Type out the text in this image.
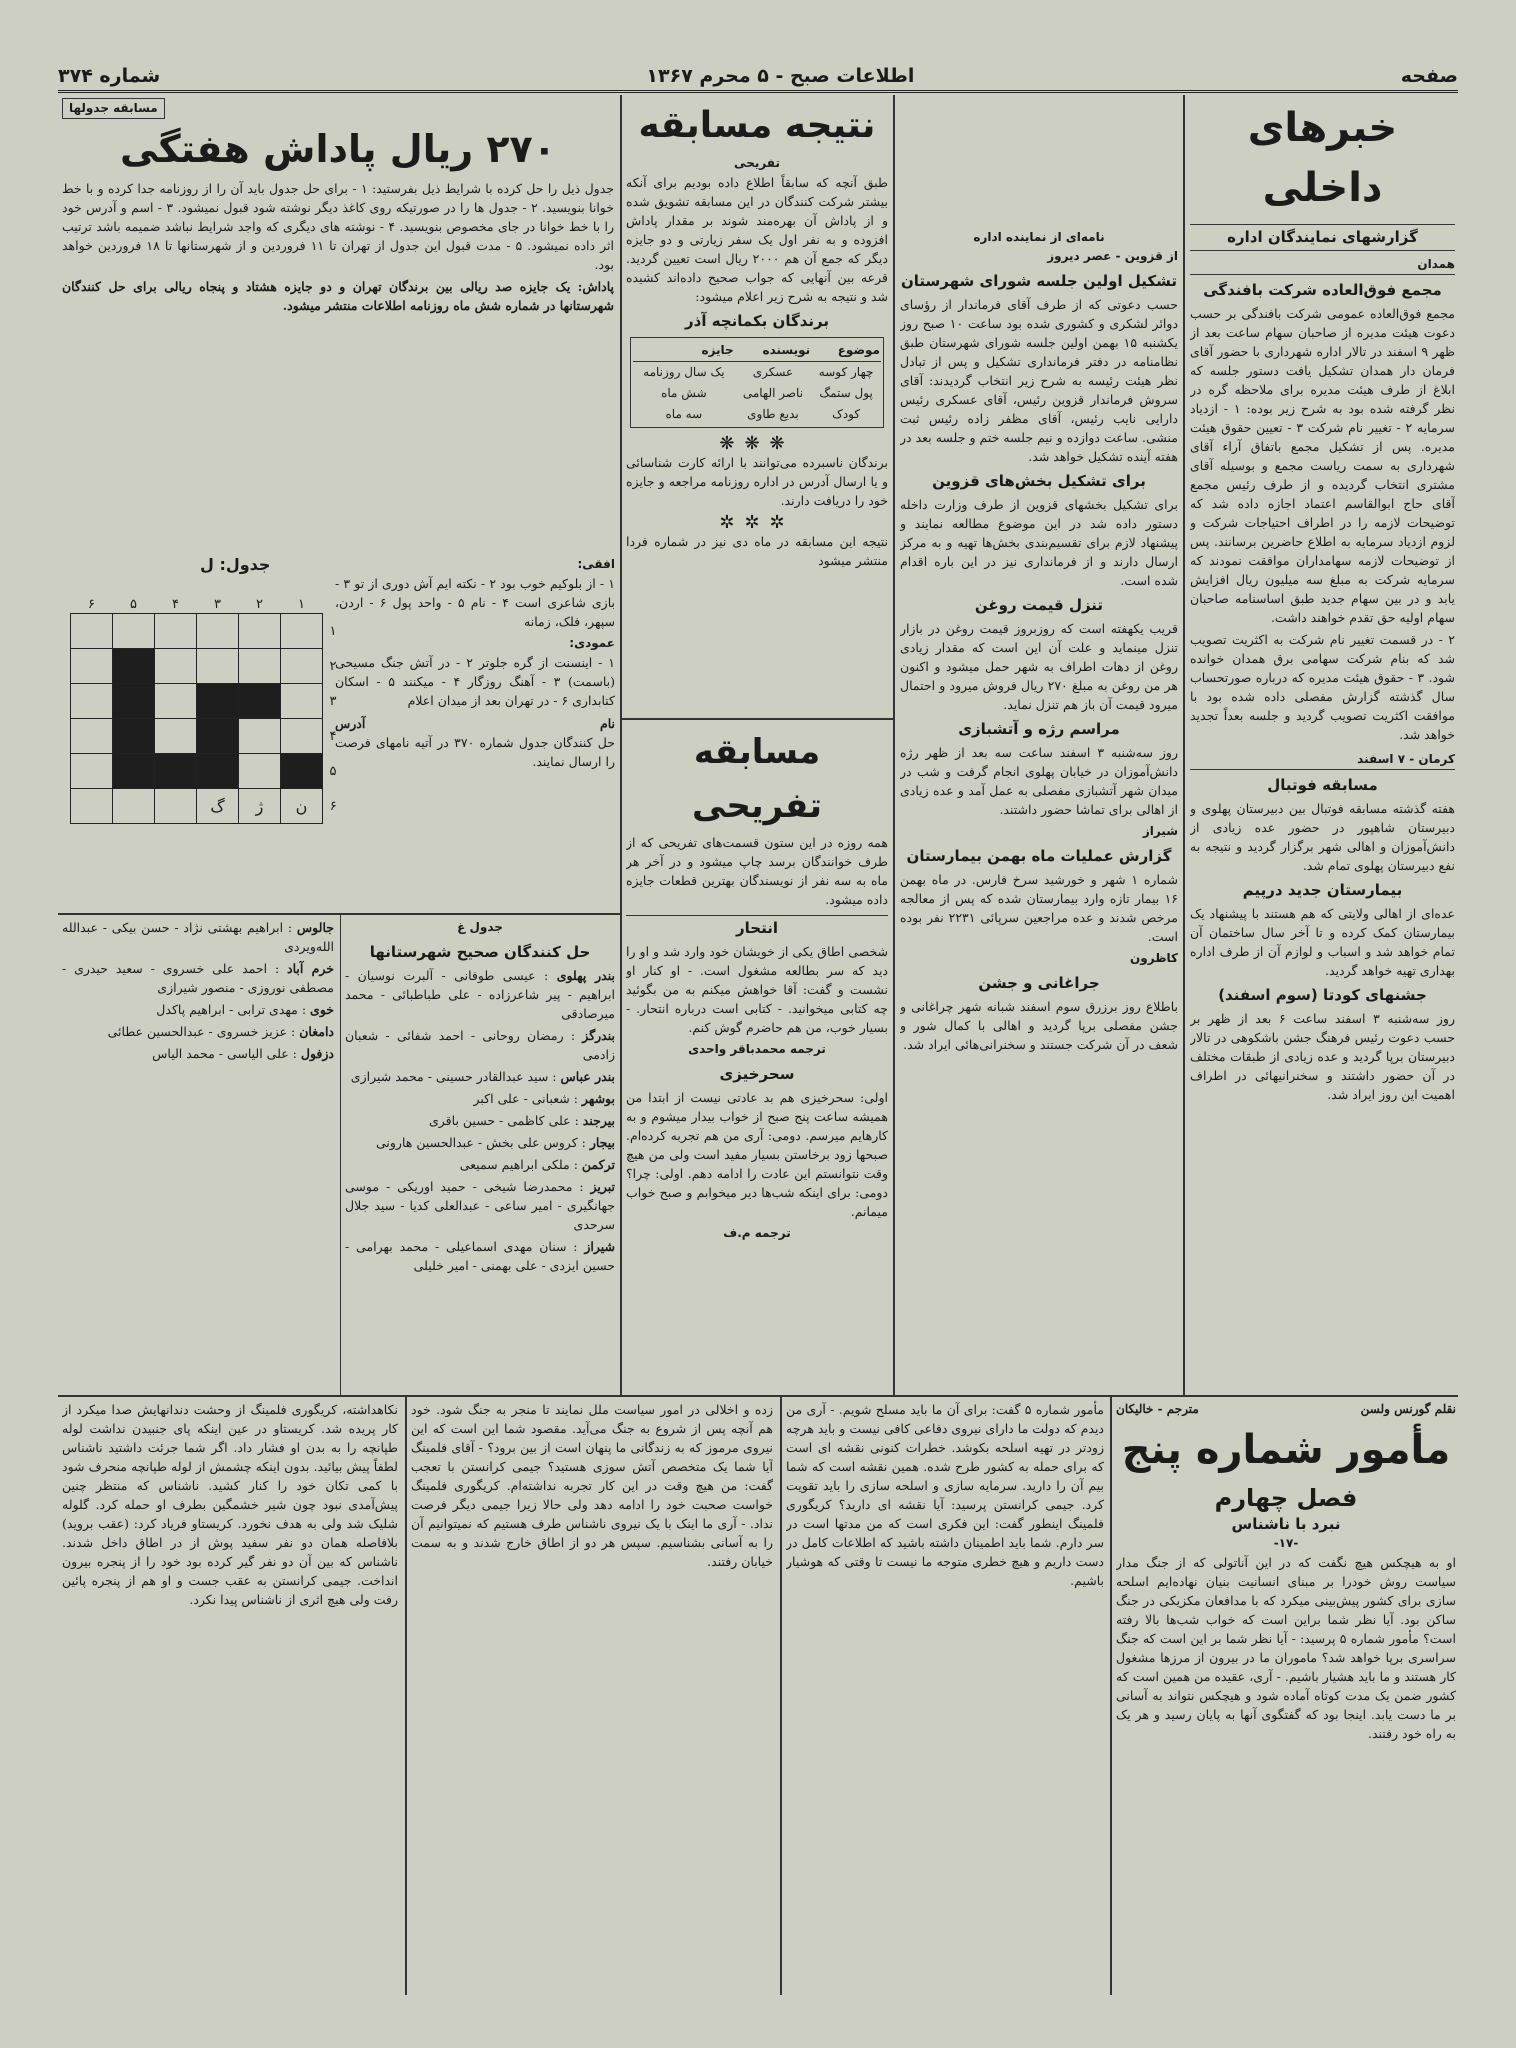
صفحه
اطلاعات صبح - ۵ محرم ۱۳۶۷
شماره ۳۷۴
خبرهای داخلی
گزارشهای نمایندگان اداره
همدان
مجمع فوق‌العاده شرکت بافندگی

مجمع فوق‌العاده عمومی شرکت بافندگی بر حسب دعوت هیئت مدیره از صاحبان سهام ساعت بعد از ظهر ۹ اسفند در تالار اداره شهرداری با حضور آقای فرمان دار همدان تشکیل یافت دستور جلسه که ابلاغ از طرف هیئت مدیره برای ملاحظه گره در نظر گرفته شده بود به شرح زیر بوده: ۱ - ازدیاد سرمایه ۲ - تغییر نام شرکت ۳ - تعیین حقوق هیئت مدیره. پس از تشکیل مجمع باتفاق آراء آقای شهرداری به سمت ریاست مجمع و بوسیله آقای مشتری انتخاب گردیده و از طرف رئیس مجمع آقای حاج ابوالقاسم اعتماد اجازه داده شد که توضیحات لازمه را در اطراف احتیاجات شرکت و لزوم ازدیاد سرمایه به اطلاع حاضرین برسانند. پس از توضیحات لازمه سهامداران موافقت نمودند که سرمایه شرکت به مبلغ سه میلیون ریال افزایش یابد و در بین سهام جدید طبق اساسنامه صاحبان سهام اولیه حق تقدم خواهند داشت.

۲ - در قسمت تغییر نام شرکت به اکثریت تصویب شد که بنام شرکت سهامی برق همدان خوانده شود. ۳ - حقوق هیئت مدیره که درباره صورتحساب سال گذشته گزارش مفصلی داده شده بود با موافقت اکثریت تصویب گردید و جلسه بعداً تجدید خواهد شد.

کرمان - ۷ اسفند
مسابقه فوتبال

هفته گذشته مسابقه فوتبال بین دبیرستان پهلوی و دبیرستان شاهپور در حضور عده زیادی از دانش‌آموزان و اهالی شهر برگزار گردید و نتیجه به نفع دبیرستان پهلوی تمام شد.

بیمارستان جدید درپیم

عده‌ای از اهالی ولایتی که هم هستند با پیشنهاد یک بیمارستان کمک کرده و تا آخر سال ساختمان آن تمام خواهد شد و اسباب و لوازم آن از طرف اداره بهداری تهیه خواهد گردید.

جشنهای کودتا (سوم اسفند)

روز سه‌شنبه ۳ اسفند ساعت ۶ بعد از ظهر بر حسب دعوت رئیس فرهنگ جشن باشکوهی در تالار دبیرستان برپا گردید و عده زیادی از طبقات مختلف در آن حضور داشتند و سخنرانیهائی در اطراف اهمیت این روز ایراد شد.

نامه‌ای از نماینده اداره
از قزوین - عصر دیروز
تشکیل اولین جلسه شورای شهرستان

حسب دعوتی که از طرف آقای فرماندار از رؤسای دوائر لشکری و کشوری شده بود ساعت ۱۰ صبح روز یکشنبه ۱۵ بهمن اولین جلسه شورای شهرستان طبق نظامنامه در دفتر فرمانداری تشکیل و پس از تبادل نظر هیئت رئیسه به شرح زیر انتخاب گردیدند: آقای سروش فرماندار قزوین رئیس، آقای عسکری رئیس دارایی نایب رئیس، آقای مظفر زاده رئیس ثبت منشی. ساعت دوازده و نیم جلسه ختم و جلسه بعد در هفته آینده تشکیل خواهد شد.

برای تشکیل بخش‌های قزوین

برای تشکیل بخشهای قزوین از طرف وزارت داخله دستور داده شد در این موضوع مطالعه نمایند و پیشنهاد لازم برای تقسیم‌بندی بخش‌ها تهیه و به مرکز ارسال دارند و از فرمانداری نیز در این باره اقدام شده است.

تنزل قیمت روغن

قریب یکهفته است که روزبروز قیمت روغن در بازار تنزل مینماید و علت آن این است که مقدار زیادی روغن از دهات اطراف به شهر حمل میشود و اکنون هر من روغن به مبلغ ۲۷۰ ریال فروش میرود و احتمال میرود قیمت آن باز هم تنزل نماید.

مراسم رژه و آتشبازی

روز سه‌شنبه ۳ اسفند ساعت سه بعد از ظهر رژه دانش‌آموزان در خیابان پهلوی انجام گرفت و شب در میدان شهر آتشبازی مفصلی به عمل آمد و عده زیادی از اهالی برای تماشا حضور داشتند.

شیراز
گزارش عملیات ماه بهمن بیمارستان

شماره ۱ شهر و خورشید سرخ فارس. در ماه بهمن ۱۶ بیمار تازه وارد بیمارستان شده که پس از معالجه مرخص شدند و عده مراجعین سرپائی ۲۲۳۱ نفر بوده است.

کاظرون
جراغانی و جشن

باطلاع روز برزرق سوم اسفند شبانه شهر چراغانی و جشن مفصلی برپا گردید و اهالی با کمال شور و شعف در آن شرکت جستند و سخنرانی‌هائی ایراد شد.

نتیجه مسابقه
تفریحی

طبق آنچه که سابقاً اطلاع داده بودیم برای آنکه بیشتر شرکت کنندگان در این مسابقه تشویق شده و از پاداش آن بهره‌مند شوند بر مقدار پاداش افزوده و به نفر اول یک سفر زیارتی و دو جایزه دیگر که جمع آن هم ۲۰۰۰ ریال است تعیین گردید. قرعه بین آنهایی که جواب صحیح داده‌اند کشیده شد و نتیجه به شرح زیر اعلام میشود:

برندگان بکمانچه آذر
موضوع	نویسنده	جایزه
چهار کوسه	عسکری	یک سال روزنامه
پول ستمگ	ناصر الهامی	شش ماه
کودک	بدیع طاوی	سه ماه
❋❋❋

برندگان ناسبرده می‌توانند با ارائه کارت شناسائی و یا ارسال آدرس در اداره روزنامه مراجعه و جایزه خود را دریافت دارند.

✲✲✲

نتیجه این مسابقه در ماه دی نیز در شماره فردا منتشر میشود

مسابقه تفریحی

همه روزه در این ستون قسمت‌های تفریحی که از طرف خوانندگان برسد چاپ میشود و در آخر هر ماه به سه نفر از نویسندگان بهترین قطعات جایزه داده میشود.

انتحار

شخصی اطاق یکی از خویشان خود وارد شد و او را دید که سر بطالعه مشغول است. - او کنار او نشست و گفت: آقا خواهش میکنم به من بگوئید چه کتابی میخوانید. - کتابی است درباره انتحار. - بسیار خوب، من هم حاضرم گوش کنم.

ترجمه محمدباقر واحدی
سحرخیزی

اولی: سحرخیزی هم بد عادتی نیست از ابتدا من همیشه ساعت پنج صبح از خواب بیدار میشوم و به کارهایم میرسم. دومی: آری من هم تجربه کرده‌ام. صبحها زود برخاستن بسیار مفید است ولی من هیچ وقت نتوانستم این عادت را ادامه دهم. اولی: چرا؟ دومی: برای اینکه شب‌ها دیر میخوابم و صبح خواب میمانم.

ترجمه م.ف
مسابقه جدولها
۲۷۰ ریال پاداش هفتگی

جدول ذیل را حل کرده با شرایط ذیل بفرستید: ۱ - برای حل جدول باید آن را از روزنامه جدا کرده و با خط خوانا بنویسید. ۲ - جدول ها را در صورتیکه روی کاغذ دیگر نوشته شود قبول نمیشود. ۳ - اسم و آدرس خود را با خط خوانا در جای مخصوص بنویسید. ۴ - نوشته های دیگری که واجد شرایط نباشد ضمیمه باشد ترتیب اثر داده نمیشود. ۵ - مدت قبول این جدول از تهران تا ۱۱ فروردین و از شهرستانها تا ۱۸ فروردین خواهد بود.

پاداش: یک جایزه صد ریالی بین برندگان تهران و دو جایزه هشتاد و پنجاه ریالی برای حل کنندگان شهرستانها در شماره شش ماه روزنامه اطلاعات منتشر میشود.

افقی:

۱ - از بلوکیم خوب بود ۲ - نکته ایم آش دوری از تو ۳ - بازی شاعری است ۴ - نام ۵ - واحد پول ۶ - اردن، سپهر، فلک، زمانه

عمودی:

۱ - اینسنت از گره جلوتر ۲ - در آتش جنگ مسیحی (باسمت) ۳ - آهنگ روزگار ۴ - میکنند ۵ - اسکان کتابداری ۶ - در تهران بعد از میدان اعلام

نام
آدرس

حل کنندگان جدول شماره ۳۷۰ در آتیه نامهای فرصت را ارسال نمایند.

جدول: ل
۶	۵	۴	۳	۲	۱	
						۱
						۲
						۳
						۴
						۵
			گ	ژ	ن	۶
جدول غ
حل کنندگان صحیح شهرستانها

بندر پهلوی : عیسی طوفانی - آلبرت نوسیان - ابراهیم - پیر شاعرزاده - علی طباطبائی - محمد میرصادقی

بندرگز : رمضان روحانی - احمد شفائی - شعبان زادمی

بندر عباس : سید عبدالقادر حسینی - محمد شیرازی

بوشهر : شعبانی - علی اکبر

بیرجند : علی کاظمی - حسین باقری

بیجار : کروس علی بخش - عبدالحسین هارونی

ترکمن : ملکی ابراهیم سمیعی

تبریز : محمدرضا شیخی - حمید اوریکی - موسی جهانگیری - امیر ساعی - عبدالعلی کدیا - سید جلال سرحدی

شیراز : سنان مهدی اسماعیلی - محمد بهرامی - حسین ایزدی - علی بهمنی - امیر خلیلی

جالوس : ابراهیم بهشتی نژاد - حسن بیکی - عبدالله الله‌ویردی

خرم آباد : احمد علی خسروی - سعید حیدری - مصطفی نوروزی - منصور شیرازی

خوی : مهدی ترابی - ابراهیم پاکدل

دامغان : عزیز خسروی - عبدالحسین عطائی

دزفول : علی الیاسی - محمد الیاس

نقلم گورنس ولسن
مترجم - خالیکان
مأمور شماره پنج
فصل چهارم
نبرد با ناشناس
-۱۷-

او به هیچکس هیچ نگفت که در این آناتولی که از جنگ مدار سیاست روش خودرا بر مبنای انسانیت بنیان نهاده‌ایم اسلحه سازی برای کشور پیش‌بینی میکرد که با مدافعان مکزیکی در جنگ ساکن بود. آیا نظر شما براین است که خواب شب‌ها بالا رفته است؟ مأمور شماره ۵ پرسید: - آیا نظر شما بر این است که جنگ سراسری برپا خواهد شد؟ ماموران ما در بیرون از مرزها مشغول کار هستند و ما باید هشیار باشیم. - آری، عقیده من همین است که کشور ضمن یک مدت کوتاه آماده شود و هیچکس نتواند به آسانی بر ما دست یابد. اینجا بود که گفتگوی آنها به پایان رسید و هر یک به راه خود رفتند.

مأمور شماره ۵ گفت: برای آن ما باید مسلح شویم. - آری من دیدم که دولت ما دارای نیروی دفاعی کافی نیست و باید هرچه زودتر در تهیه اسلحه بکوشد. خطرات کنونی نقشه ای است که برای حمله به کشور طرح شده. همین نقشه است که شما بیم آن را دارید. سرمایه سازی و اسلحه سازی را باید تقویت کرد. جیمی کرانستن پرسید: آیا نقشه ای دارید؟ کریگوری فلمینگ اینطور گفت: این فکری است که من مدتها است در سر دارم. شما باید اطمینان داشته باشید که اطلاعات کامل در دست داریم و هیچ خطری متوجه ما نیست تا وقتی که هوشیار باشیم.

زده و اخلالی در امور سیاست ملل نمایند تا منجر به جنگ شود. خود هم آنچه پس از شروع به جنگ می‌آید. مقصود شما این است که این نیروی مرموز که به زندگانی ما پنهان است از بین برود؟ - آقای فلمینگ آیا شما یک متخصص آتش سوزی هستید؟ جیمی کرانستن با تعجب گفت: من هیچ وقت در این کار تجربه نداشته‌ام. کریگوری فلمینگ خواست صحبت خود را ادامه دهد ولی حالا زیرا جیمی دیگر فرصت نداد. - آری ما اینک با یک نیروی ناشناس طرف هستیم که نمیتوانیم آن را به آسانی بشناسیم. سپس هر دو از اطاق خارج شدند و به سمت خیابان رفتند.

نکاهداشته، کریگوری فلمینگ از وحشت دندانهایش صدا میکرد از کار پریده شد. کریستاو در عین اینکه پای جنبیدن نداشت لوله طپانچه را به بدن او فشار داد. اگر شما جرئت داشتید ناشناس لطفاً پیش بیائید. بدون اینکه چشمش از لوله طپانچه منحرف شود با کمی تکان خود را کنار کشید. ناشناس که منتظر چنین پیش‌آمدی نبود چون شیر خشمگین بطرف او حمله کرد. گلوله شلیک شد ولی به هدف نخورد. کریستاو فریاد کرد: (عقب بروید) بلافاصله همان دو نفر سفید پوش از در اطاق داخل شدند. ناشناس که بین آن دو نفر گیر کرده بود خود را از پنجره بیرون انداخت. جیمی کرانستن به عقب جست و او هم از پنجره پائین رفت ولی هیچ اثری از ناشناس پیدا نکرد.
